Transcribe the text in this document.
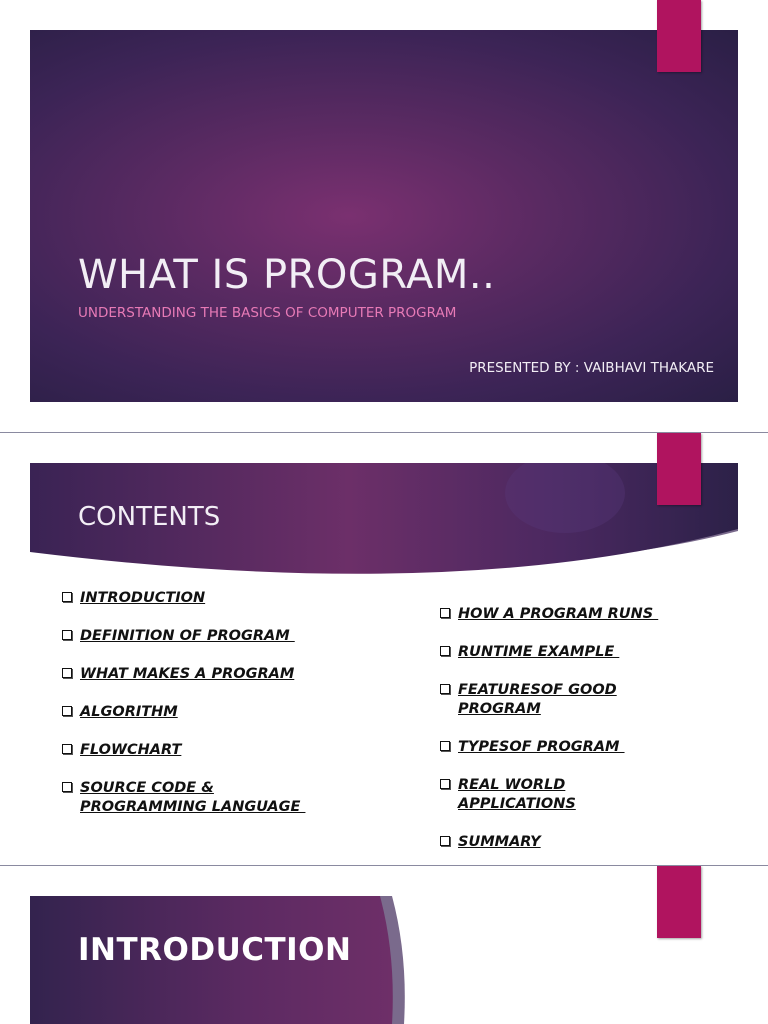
WHAT IS PROGRAM..
UNDERSTANDING THE BASICS OF COMPUTER PROGRAM
PRESENTED BY : VAIBHAVI THAKARE
CONTENTS
INTRODUCTION
DEFINITION OF PROGRAM
WHAT MAKES A PROGRAM
ALGORITHM
FLOWCHART
SOURCE CODE &
PROGRAMMING LANGUAGE
HOW A PROGRAM RUNS
RUNTIME EXAMPLE
FEATURESOF GOOD
PROGRAM
TYPESOF PROGRAM
REAL WORLD
APPLICATIONS
SUMMARY
INTRODUCTION
